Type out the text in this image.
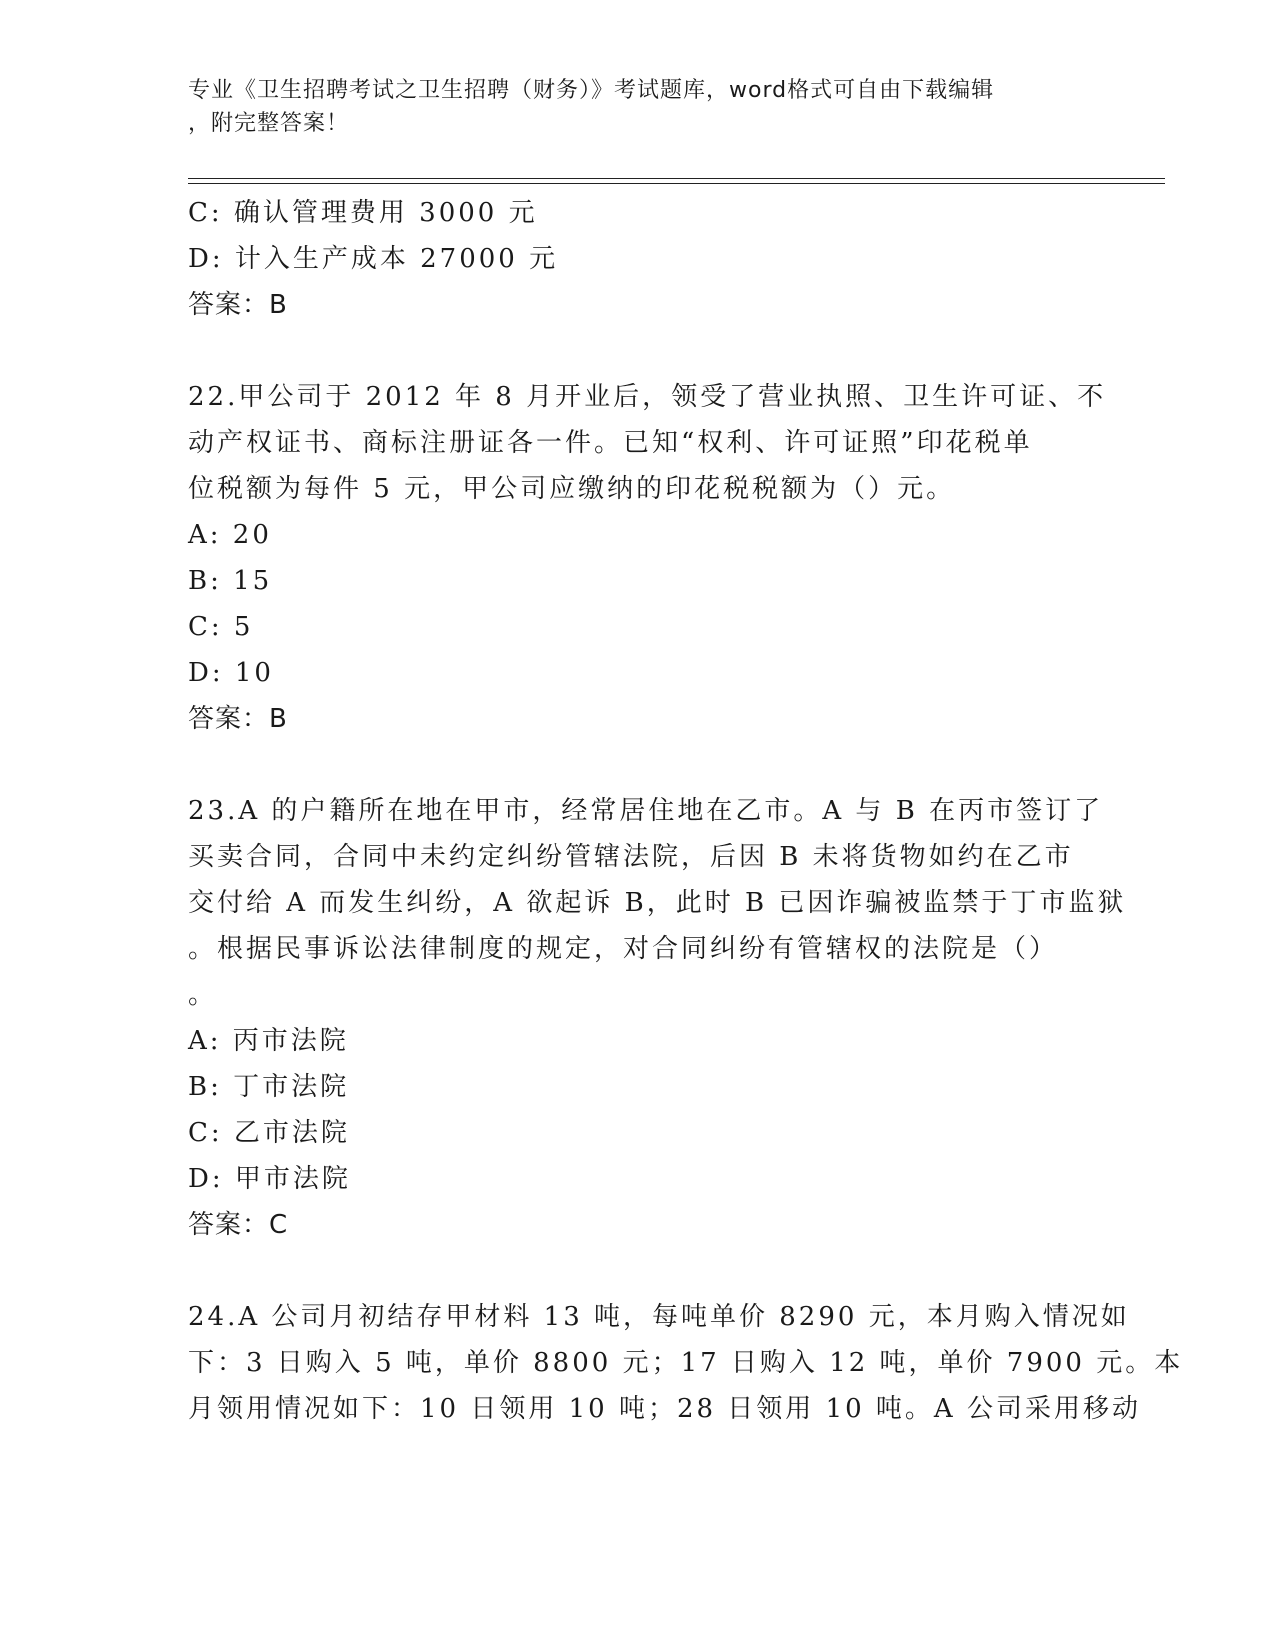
专业《卫生招聘考试之卫生招聘（财务）》考试题库，word格式可自由下载编辑
，附完整答案！
C: 确认管理费用 3000 元
D: 计入生产成本 27000 元
答案：B
22.甲公司于 2012 年 8 月开业后，领受了营业执照、卫生许可证、不
动产权证书、商标注册证各一件。已知“权利、许可证照”印花税单
位税额为每件 5 元，甲公司应缴纳的印花税税额为（）元。
A: 20
B: 15
C: 5
D: 10
答案：B
23.A 的户籍所在地在甲市，经常居住地在乙市。A 与 B 在丙市签订了
买卖合同，合同中未约定纠纷管辖法院，后因 B 未将货物如约在乙市
交付给 A 而发生纠纷，A 欲起诉 B，此时 B 已因诈骗被监禁于丁市监狱
。根据民事诉讼法律制度的规定，对合同纠纷有管辖权的法院是（）
。
A: 丙市法院
B: 丁市法院
C: 乙市法院
D: 甲市法院
答案：C
24.A 公司月初结存甲材料 13 吨，每吨单价 8290 元，本月购入情况如
下：3 日购入 5 吨，单价 8800 元；17 日购入 12 吨，单价 7900 元。本
月领用情况如下：10 日领用 10 吨；28 日领用 10 吨。A 公司采用移动
